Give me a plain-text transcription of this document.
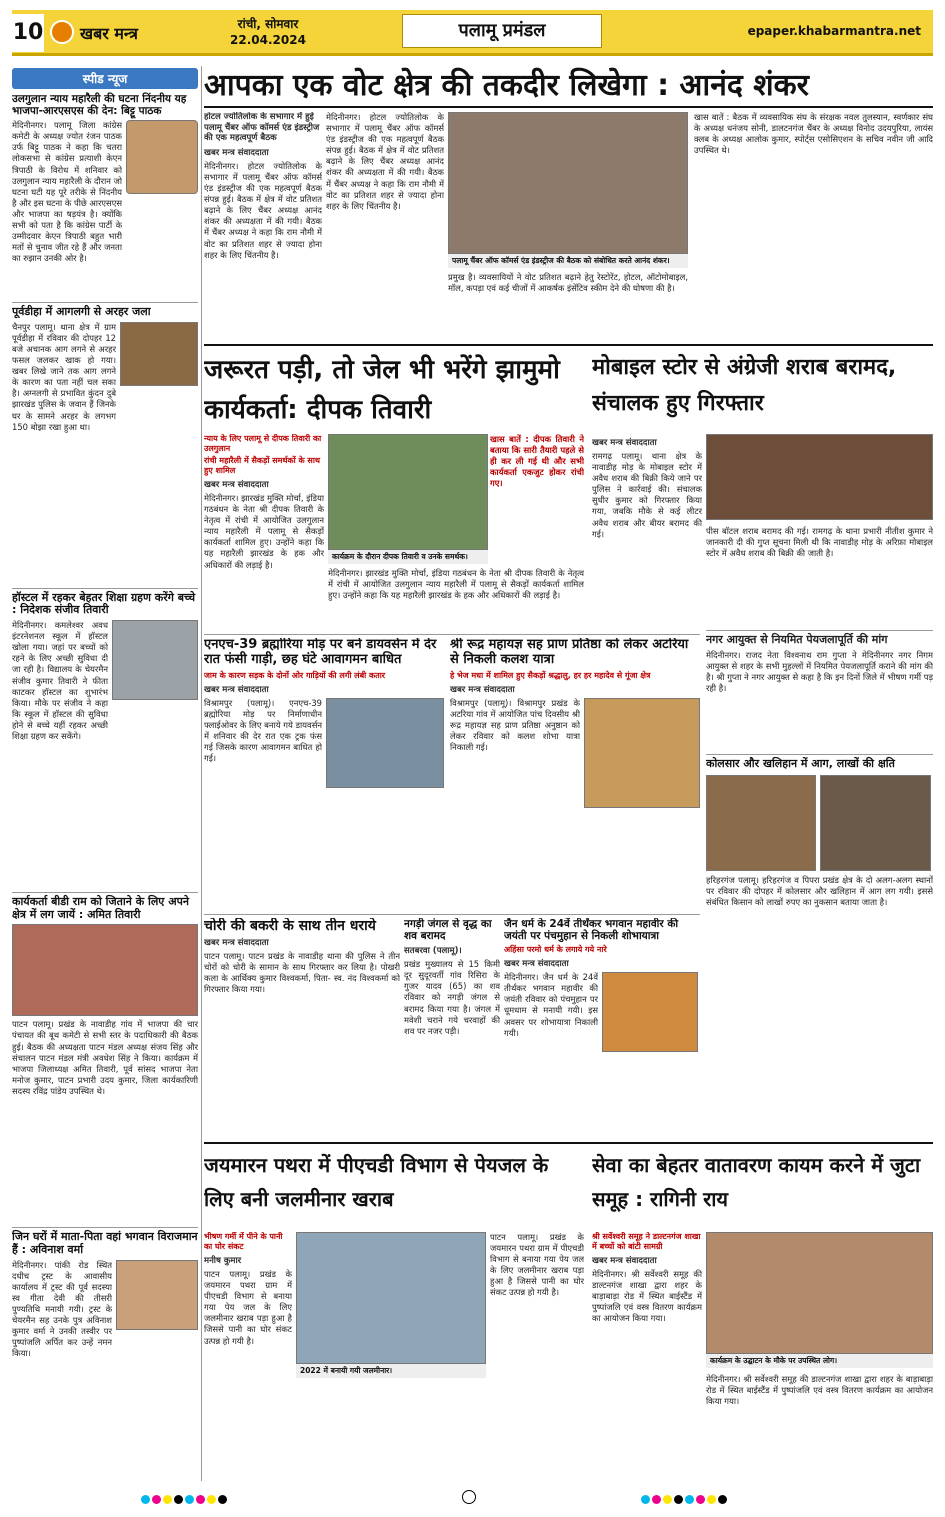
10 खबर मन्त्र	रांची, सोमवार
22.04.2024	पलामू प्रमंडल	epaper.khabarmantra.net
स्पीड न्यूज
उलगुलान न्याय महारैली की घटना निंदनीय यह भाजपा-आरएसएस की देन: बिट्टू पाठक
मेदिनीनगर। पलामू जिला कांग्रेस कमेटी के अध्यक्ष ज्योत रंजन पाठक उर्फ बिट्टू पाठक ने कहा कि चतरा लोकसभा से कांग्रेस प्रत्याशी केएन त्रिपाठी के विरोध में शनिवार को उलगुलान न्याय महारैली के दौरान जो घटना घटी यह पूरे तरीके से निंदनीय है और इस घटना के पीछे आरएसएस और भाजपा का षड़यंत्र है। क्योंकि सभी को पता है कि कांग्रेस पार्टी के उम्मीदवार केएन त्रिपाठी बहुत भारी मतों से चुनाव जीत रहे हैं और जनता का रुझान उनकी ओर है।
पूर्वडीहा में आगलगी से अरहर जला
चैनपुर पलामू। थाना क्षेत्र में ग्राम पूर्वडीहा में रविवार की दोपहर 12 बजे अचानक आग लगने से अरहर फसल जलकर खाक हो गया। खबर लिखे जाने तक आग लगने के कारण का पता नहीं चल सका है। अग्नलगी से प्रभावित कुंदन दुबे झारखंड पुलिस के जवान हैं जिनके घर के सामने अरहर के लगभग 150 बोझा रखा हुआ था।
हॉस्टल में रहकर बेहतर शिक्षा ग्रहण करेंगे बच्चे : निदेशक संजीव तिवारी
मेदिनीनगर। कमलेश्वर अवध इंटरनेशनल स्कूल में हॉस्टल खोला गया। जहां पर बच्चों को रहने के लिए अच्छी सुविधा दी जा रही है। विद्यालय के चेयरमैन संजीव कुमार तिवारी ने फीता काटकर हॉस्टल का शुभारंभ किया। मौके पर संजीव ने कहा कि स्कूल में हॉस्टल की सुविधा होने से बच्चे यहीं रहकर अच्छी शिक्षा ग्रहण कर सकेंगे।
कार्यकर्ता बीडी राम को जिताने के लिए अपने क्षेत्र में लग जायें : अमित तिवारी
पाटन पलामू। प्रखंड के नावाडीह गांव में भाजपा की चार पंचायत की बूथ कमेटी से सभी स्तर के पदाधिकारी की बैठक हुई। बैठक की अध्यक्षता पाटन मंडल अध्यक्ष संजय सिंह और संचालन पाटन मंडल मंत्री अवधेश सिंह ने किया। कार्यक्रम में भाजपा जिलाध्यक्ष अमित तिवारी, पूर्व सांसद भाजपा नेता मनोज कुमार, पाटन प्रभारी उदय कुमार, जिला कार्यकारिणी सदस्य रविंद्र पांडेय उपस्थित थे।
जिन घरों में माता-पिता वहां भगवान विराजमान हैं : अविनाश वर्मा
मेदिनीनगर। पांकी रोड स्थित दधीच ट्रस्ट के आवासीय कार्यालय में ट्रस्ट की पूर्व सदस्या स्व गीता देवी की तीसरी पुण्यतिथि मनायी गयी। ट्रस्ट के चेयरमैन सह उनके पुत्र अविनाश कुमार वर्मा ने उनकी तस्वीर पर पुष्पांजलि अर्पित कर उन्हें नमन किया।
आपका एक वोट क्षेत्र की तकदीर लिखेगा : आनंद शंकर
होटल ज्योतिलोक के सभागार में हुई पलामू चैंबर ऑफ कॉमर्स एंड इंडस्ट्रीज की एक महत्वपूर्ण बैठक
खबर मन्त्र संवाददाता
मेदिनीनगर। होटल ज्योतिलोक के सभागार में पलामू चैंबर ऑफ कॉमर्स एंड इंडस्ट्रीज की एक महत्वपूर्ण बैठक संपन्न हुई। बैठक में क्षेत्र में वोट प्रतिशत बढ़ाने के लिए चैंबर अध्यक्ष आनंद शंकर की अध्यक्षता में की गयी। बैठक में चैंबर अध्यक्ष ने कहा कि राम नौमी में वोट का प्रतिशत शहर से ज्यादा होना शहर के लिए चिंतनीय है।
मेदिनीनगर। होटल ज्योतिलोक के सभागार में पलामू चैंबर ऑफ कॉमर्स एंड इंडस्ट्रीज की एक महत्वपूर्ण बैठक संपन्न हुई। बैठक में क्षेत्र में वोट प्रतिशत बढ़ाने के लिए चैंबर अध्यक्ष आनंद शंकर की अध्यक्षता में की गयी। बैठक में चैंबर अध्यक्ष ने कहा कि राम नौमी में वोट का प्रतिशत शहर से ज्यादा होना शहर के लिए चिंतनीय है।
पलामू चैंबर ऑफ कॉमर्स एंड इंडस्ट्रीज की बैठक को संबोधित करते आनंद शंकर।
प्रमुख है। व्यवसायियों ने वोट प्रतिशत बढ़ाने हेतु रेस्टोरेंट, होटल, ऑटोमोबाइल, मॉल, कपड़ा एवं कई चीजों में आकर्षक इंसेंटिव स्कीम देने की घोषणा की है।
खास बातें : बैठक में व्यवसायिक संघ के संरक्षक नवल तुलस्यान, स्वर्णकार संघ के अध्यक्ष धनंजय सोनी, डालटनगंज चैंबर के अध्यक्ष विनोद उदयपुरिया, लायंस क्लब के अध्यक्ष आलोक कुमार, स्पोर्ट्स एसोसिएशन के सचिव नवीन जी आदि उपस्थित थे।
जरूरत पड़ी, तो जेल भी भरेंगे झामुमो कार्यकर्ता: दीपक तिवारी
न्याय के लिए पलामू से दीपक तिवारी का उलगुलान
रांची महारैली में सैकड़ों समर्थकों के साथ हुए शामिल
खबर मन्त्र संवाददाता
मेदिनीनगर। झारखंड मुक्ति मोर्चा, इंडिया गठबंधन के नेता श्री दीपक तिवारी के नेतृत्व में रांची में आयोजित उलगुलान न्याय महारैली में पलामू से सैकड़ों कार्यकर्ता शामिल हुए। उन्होंने कहा कि यह महारैली झारखंड के हक और अधिकारों की लड़ाई है।
कार्यक्रम के दौरान दीपक तिवारी व उनके समर्थक।
खास बातें : दीपक तिवारी ने बताया कि सारी तैयारी पहले से ही कर ली गई थी और सभी कार्यकर्ता एकजुट होकर रांची गए।
मेदिनीनगर। झारखंड मुक्ति मोर्चा, इंडिया गठबंधन के नेता श्री दीपक तिवारी के नेतृत्व में रांची में आयोजित उलगुलान न्याय महारैली में पलामू से सैकड़ों कार्यकर्ता शामिल हुए। उन्होंने कहा कि यह महारैली झारखंड के हक और अधिकारों की लड़ाई है।
मोबाइल स्टोर से अंग्रेजी शराब बरामद, संचालक हुए गिरफ्तार
खबर मन्त्र संवाददाता
रामगढ़ पलामू। थाना क्षेत्र के नावाडीह मोड़ के मोबाइल स्टोर में अवैध शराब की बिक्री किये जाने पर पुलिस ने कार्रवाई की। संचालक सुधीर कुमार को गिरफ्तार किया गया, जबकि मौके से कई लीटर अवैध शराब और बीयर बरामद की गई।	पीस बॉटल शराब बरामद की गई। रामगढ़ के थाना प्रभारी नीतीश कुमार ने जानकारी दी की गुप्त सूचना मिली थी कि नावाडीह मोड़ के अरिफ़ा मोबाइल स्टोर में अवैध शराब की बिक्री की जाती है।
नगर आयुक्त से नियमित पेयजलापूर्ति की मांग
मेदिनीनगर। राजद नेता विश्वनाथ राम गुप्ता ने मेदिनीनगर नगर निगम आयुक्त से शहर के सभी मुहल्लों में नियमित पेयजलापूर्ति कराने की मांग की है। श्री गुप्ता ने नगर आयुक्त से कहा है कि इन दिनों जिले में भीषण गर्मी पड़ रही है।
कोलसार और खलिहान में आग, लाखों की क्षति
हरिहरगंज पलामू। हरिहरगंज व पिपरा प्रखंड क्षेत्र के दो अलग-अलग स्थानों पर रविवार की दोपहर में कोलसार और खलिहान में आग लग गयी। इससे संबंधित किसान को लाखों रुपए का नुकसान बताया जाता है।
एनएच-39 ब्रह्मोरिया मोड़ पर बने डायवर्सन में देर रात फंसी गाड़ी, छह घंटे आवागमन बाधित
जाम के कारण सड़क के दोनों ओर गाड़ियों की लगी लंबी कतार
खबर मन्त्र संवाददाता
विश्रामपुर (पलामू)। एनएच-39 ब्रह्मोरिया मोड़ पर निर्माणाधीन फ्लाईओवर के लिए बनाये गये डायवर्सन में शनिवार की देर रात एक ट्रक फंस गई जिसके कारण आवागमन बाधित हो गई।
श्री रूद्र महायज्ञ सह प्राण प्रतिष्ठा को लेकर अटरिया से निकली कलश यात्रा
हे भेज मधा में शामिल हुए सैकड़ों श्रद्धालु, हर हर महादेव से गूंजा क्षेत्र
खबर मन्त्र संवाददाता
विश्रामपुर (पलामू)। विश्रामपुर प्रखंड के अटरिया गांव में आयोजित पांच दिवसीय श्री रूद्र महायज्ञ सह प्राण प्रतिष्ठा अनुष्ठान को लेकर रविवार को कलश शोभा यात्रा निकाली गई।
चोरी की बकरी के साथ तीन धराये
खबर मन्त्र संवाददाता
पाटन पलामू। पाटन प्रखंड के नावाडीह थाना की पुलिस ने तीन चोरों को चोरी के सामान के साथ गिरफ्तार कर लिया है। पोखरी कला के आर्थिक्य कुमार विश्वकर्मा, पिता- स्व. नंद विश्वकर्मा को गिरफ्तार किया गया।
नगड़ी जंगल से वृद्ध का शव बरामद
सतबरवा (पलामू)।
प्रखंड मुख्यालय से 15 किमी दूर सुदूरवर्ती गांव रिसिरा के गुजर यादव (65) का शव रविवार को नगड़ी जंगल से बरामद किया गया है। जंगल में मवेशी चराने गये चरवाहों की शव पर नजर पड़ी।
जैन धर्म के 24वें तीर्थंकर भगवान महावीर की जयंती पर पंचमुहान से निकली शोभायात्रा
अहिंसा परमो धर्म के लगाये गये नारे
खबर मन्त्र संवाददाता
मेदिनीनगर। जैन धर्म के 24वें तीर्थंकर भगवान महावीर की जयंती रविवार को पंचमुहान पर धूमधाम से मनायी गयी। इस अवसर पर शोभायात्रा निकाली गयी।
जयमारन पथरा में पीएचडी विभाग से पेयजल के लिए बनी जलमीनार खराब
भीषण गर्मी में पीने के पानी का घोर संकट
मनीष कुमार
पाटन पलामू। प्रखंड के जयमारन पथरा ग्राम में पीएचडी विभाग से बनाया गया पेय जल के लिए जलमीनार खराब पड़ा हुआ है जिससे पानी का घोर संकट उत्पन्न हो गयी है।
2022 में बनायी गयी जलमीनार।
पाटन पलामू। प्रखंड के जयमारन पथरा ग्राम में पीएचडी विभाग से बनाया गया पेय जल के लिए जलमीनार खराब पड़ा हुआ है जिससे पानी का घोर संकट उत्पन्न हो गयी है।
सेवा का बेहतर वातावरण कायम करने में जुटा समूह : रागिनी राय
श्री सर्वेश्वरी समूह ने डाल्टनगंज शाखा में बच्चों को बांटी सामग्री
खबर मन्त्र संवाददाता
मेदिनीनगर। श्री सर्वेश्वरी समूह की डाल्टनगंज शाखा द्वारा शहर के बाड़ाबाड़ा रोड में स्थित बाईस्टैंड में पुष्पांजलि एवं वस्त्र वितरण कार्यक्रम का आयोजन किया गया।
कार्यक्रम के उद्घाटन के मौके पर उपस्थित लोग।
मेदिनीनगर। श्री सर्वेश्वरी समूह की डाल्टनगंज शाखा द्वारा शहर के बाड़ाबाड़ा रोड में स्थित बाईस्टैंड में पुष्पांजलि एवं वस्त्र वितरण कार्यक्रम का आयोजन किया गया।
